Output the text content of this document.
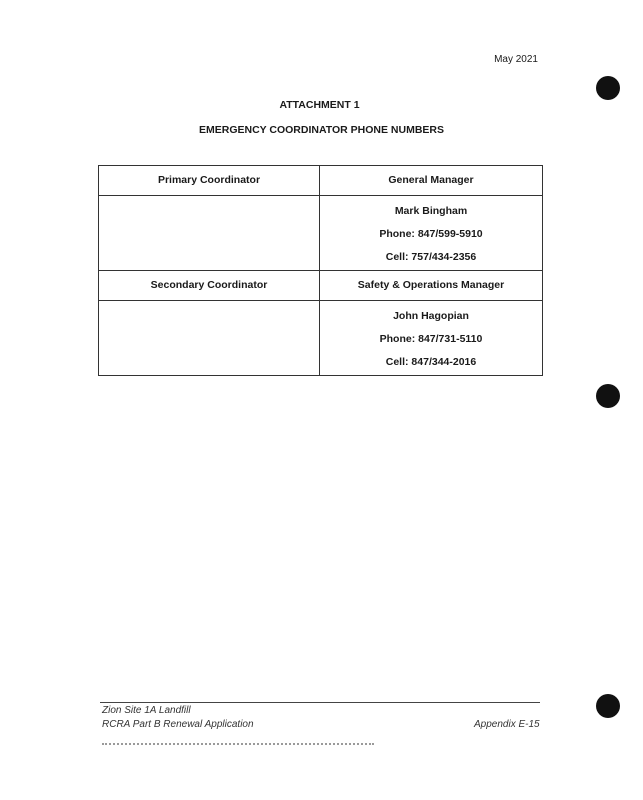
May 2021
ATTACHMENT 1
EMERGENCY COORDINATOR PHONE NUMBERS
Primary Coordinator	General Manager

	Mark Bingham
Phone: 847/599-5910
Cell: 757/434-2356

Secondary Coordinator	Safety & Operations Manager

	John Hagopian
Phone: 847/731-5110
Cell: 847/344-2016
Zion Site 1A Landfill
RCRA Part B Renewal Application	Appendix E-15
